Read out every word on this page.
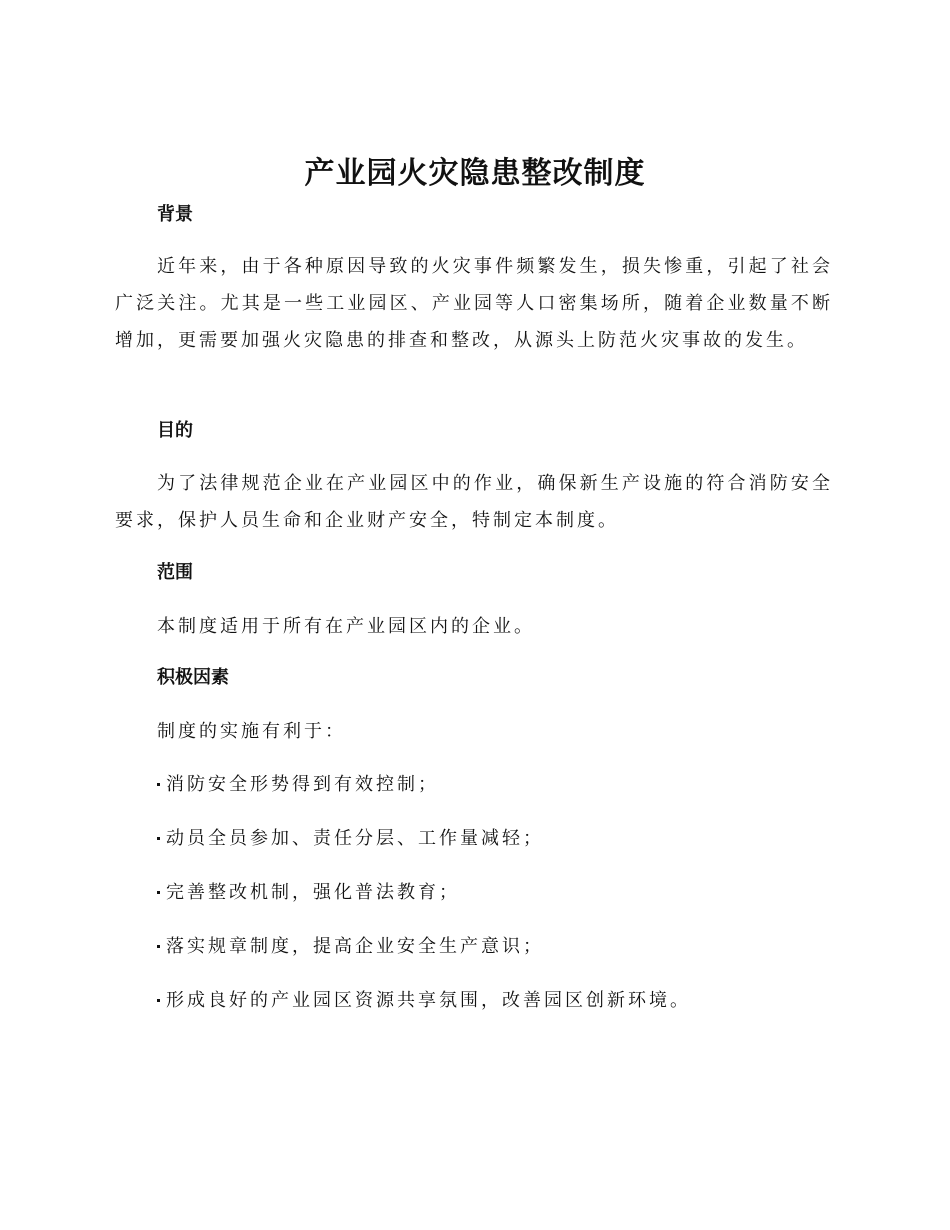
产业园火灾隐患整改制度
背景

近年来，由于各种原因导致的火灾事件频繁发生，损失惨重，引起了社会广泛关注。尤其是一些工业园区、产业园等人口密集场所，随着企业数量不断增加，更需要加强火灾隐患的排查和整改，从源头上防范火灾事故的发生。

目的

为了法律规范企业在产业园区中的作业，确保新生产设施的符合消防安全要求，保护人员生命和企业财产安全，特制定本制度。

范围

本制度适用于所有在产业园区内的企业。

积极因素

制度的实施有利于：

消防安全形势得到有效控制；

动员全员参加、责任分层、工作量减轻；

完善整改机制，强化普法教育；

落实规章制度，提高企业安全生产意识；

形成良好的产业园区资源共享氛围，改善园区创新环境。
